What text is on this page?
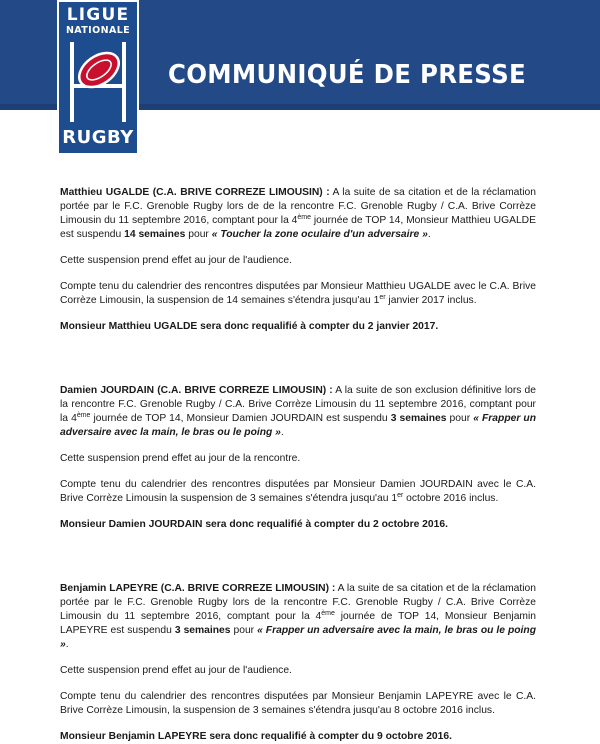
COMMUNIQUÉ DE PRESSE
LIGUE
NATIONALE
RUGBY

Matthieu UGALDE (C.A. BRIVE CORREZE LIMOUSIN) : A la suite de sa citation et de la réclamation portée par le F.C. Grenoble Rugby lors de de la rencontre F.C. Grenoble Rugby / C.A. Brive Corrèze Limousin du 11 septembre 2016, comptant pour la 4ème journée de TOP 14, Monsieur Matthieu UGALDE est suspendu 14 semaines pour « Toucher la zone oculaire d'un adversaire ».

Cette suspension prend effet au jour de l'audience.

Compte tenu du calendrier des rencontres disputées par Monsieur Matthieu UGALDE avec le C.A. Brive Corrèze Limousin, la suspension de 14 semaines s'étendra jusqu'au 1er janvier 2017 inclus.

Monsieur Matthieu UGALDE sera donc requalifié à compter du 2 janvier 2017.

Damien JOURDAIN (C.A. BRIVE CORREZE LIMOUSIN) : A la suite de son exclusion définitive lors de la rencontre F.C. Grenoble Rugby / C.A. Brive Corrèze Limousin du 11 septembre 2016, comptant pour la 4ème journée de TOP 14, Monsieur Damien JOURDAIN est suspendu 3 semaines pour « Frapper un adversaire avec la main, le bras ou le poing ».

Cette suspension prend effet au jour de la rencontre.

Compte tenu du calendrier des rencontres disputées par Monsieur Damien JOURDAIN avec le C.A. Brive Corrèze Limousin la suspension de 3 semaines s'étendra jusqu'au 1er octobre 2016 inclus.

Monsieur Damien JOURDAIN sera donc requalifié à compter du 2 octobre 2016.

Benjamin LAPEYRE (C.A. BRIVE CORREZE LIMOUSIN) : A la suite de sa citation et de la réclamation portée par le F.C. Grenoble Rugby lors de la rencontre F.C. Grenoble Rugby / C.A. Brive Corrèze Limousin du 11 septembre 2016, comptant pour la 4ème journée de TOP 14, Monsieur Benjamin LAPEYRE est suspendu 3 semaines pour « Frapper un adversaire avec la main, le bras ou le poing ».

Cette suspension prend effet au jour de l'audience.

Compte tenu du calendrier des rencontres disputées par Monsieur Benjamin LAPEYRE avec le C.A. Brive Corrèze Limousin, la suspension de 3 semaines s'étendra jusqu'au 8 octobre 2016 inclus.

Monsieur Benjamin LAPEYRE sera donc requalifié à compter du 9 octobre 2016.
